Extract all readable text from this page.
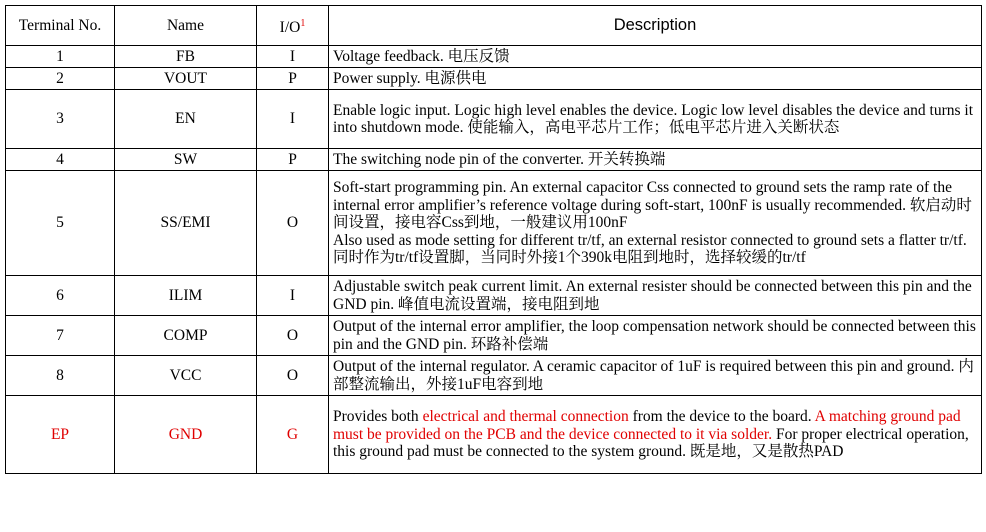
Terminal No.	Name	$I/O^1$	Description
1	FB	I	Voltage feedback. 电压反馈
2	VOUT	P	Power supply. 电源供电
3	EN	I	Enable logic input. Logic high level enables the device. Logic low level disables the device and turns it into shutdown mode. 使能输入，高电平芯片工作；低电平芯片进入关断状态
4	SW	P	The switching node pin of the converter. 开关转换端
5	SS/EMI	O	Soft-start programming pin. An external capacitor Css connected to ground sets the ramp rate of the internal error amplifier’s reference voltage during soft-start, 100nF is usually recommended. 软启动时间设置，接电容Css到地，一般建议用100nF
Also used as mode setting for different tr/tf, an external resistor connected to ground sets a flatter tr/tf. 同时作为tr/tf设置脚，当同时外接1个390k电阻到地时，选择较缓的tr/tf
6	ILIM	I	Adjustable switch peak current limit. An external resister should be connected between this pin and the GND pin. 峰值电流设置端，接电阻到地
7	COMP	O	Output of the internal error amplifier, the loop compensation network should be connected between this pin and the GND pin. 环路补偿端
8	VCC	O	Output of the internal regulator. A ceramic capacitor of 1uF is required between this pin and ground. 内部整流输出，外接1uF电容到地
EP	GND	G	Provides both electrical and thermal connection from the device to the board. A matching ground pad must be provided on the PCB and the device connected to it via solder. For proper electrical operation, this ground pad must be connected to the system ground. 既是地，又是散热PAD
